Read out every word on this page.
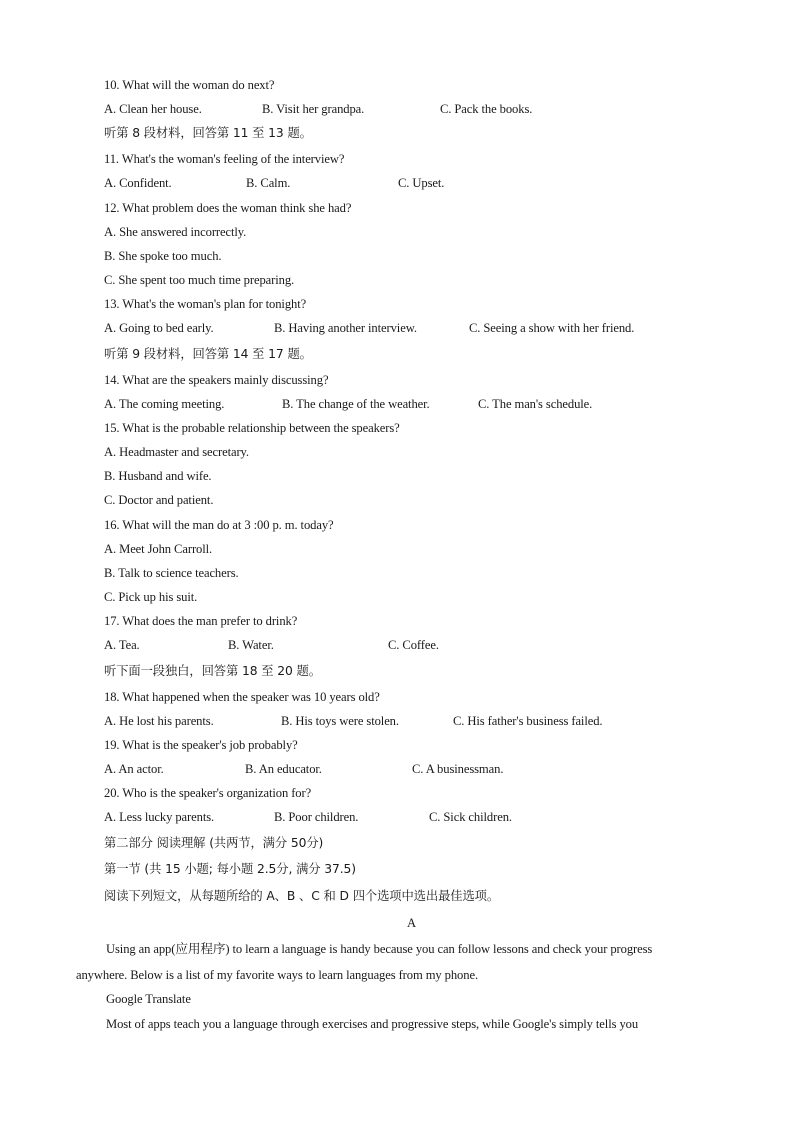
10. What will the woman do next?
A. Clean her house.	B. Visit her grandpa.	C. Pack the books.
听第 8 段材料，回答第 11 至 13 题。
11. What's the woman's feeling of the interview?
A. Confident.	B. Calm.	C. Upset.
12. What problem does the woman think she had?
A. She answered incorrectly.
B. She spoke too much.
C. She spent too much time preparing.
13. What's the woman's plan for tonight?
A. Going to bed early.	B. Having another interview.	C. Seeing a show with her friend.
听第 9 段材料，回答第 14 至 17 题。
14. What are the speakers mainly discussing?
A. The coming meeting.	B. The change of the weather.	C. The man's schedule.
15. What is the probable relationship between the speakers?
A. Headmaster and secretary.
B. Husband and wife.
C. Doctor and patient.
16. What will the man do at 3 :00 p. m. today?
A. Meet John Carroll.
B. Talk to science teachers.
C. Pick up his suit.
17. What does the man prefer to drink?
A. Tea.	B. Water.	C. Coffee.
听下面一段独白，回答第 18 至 20 题。
18. What happened when the speaker was 10 years old?
A. He lost his parents.	B. His toys were stolen.	C. His father's business failed.
19. What is the speaker's job probably?
A. An actor.	B. An educator.	C. A businessman.
20. Who is the speaker's organization for?
A. Less lucky parents.	B. Poor children.	C. Sick children.
第二部分 阅读理解 (共两节，满分 50分)
第一节 (共 15 小题; 每小题 2.5分, 满分 37.5)
阅读下列短文，从每题所给的 A、B 、C 和 D 四个选项中选出最佳选项。
A
Using an app(应用程序) to learn a language is handy because you can follow lessons and check your progress
anywhere. Below is a list of my favorite ways to learn languages from my phone.
Google Translate
Most of apps teach you a language through exercises and progressive steps, while Google's simply tells you
